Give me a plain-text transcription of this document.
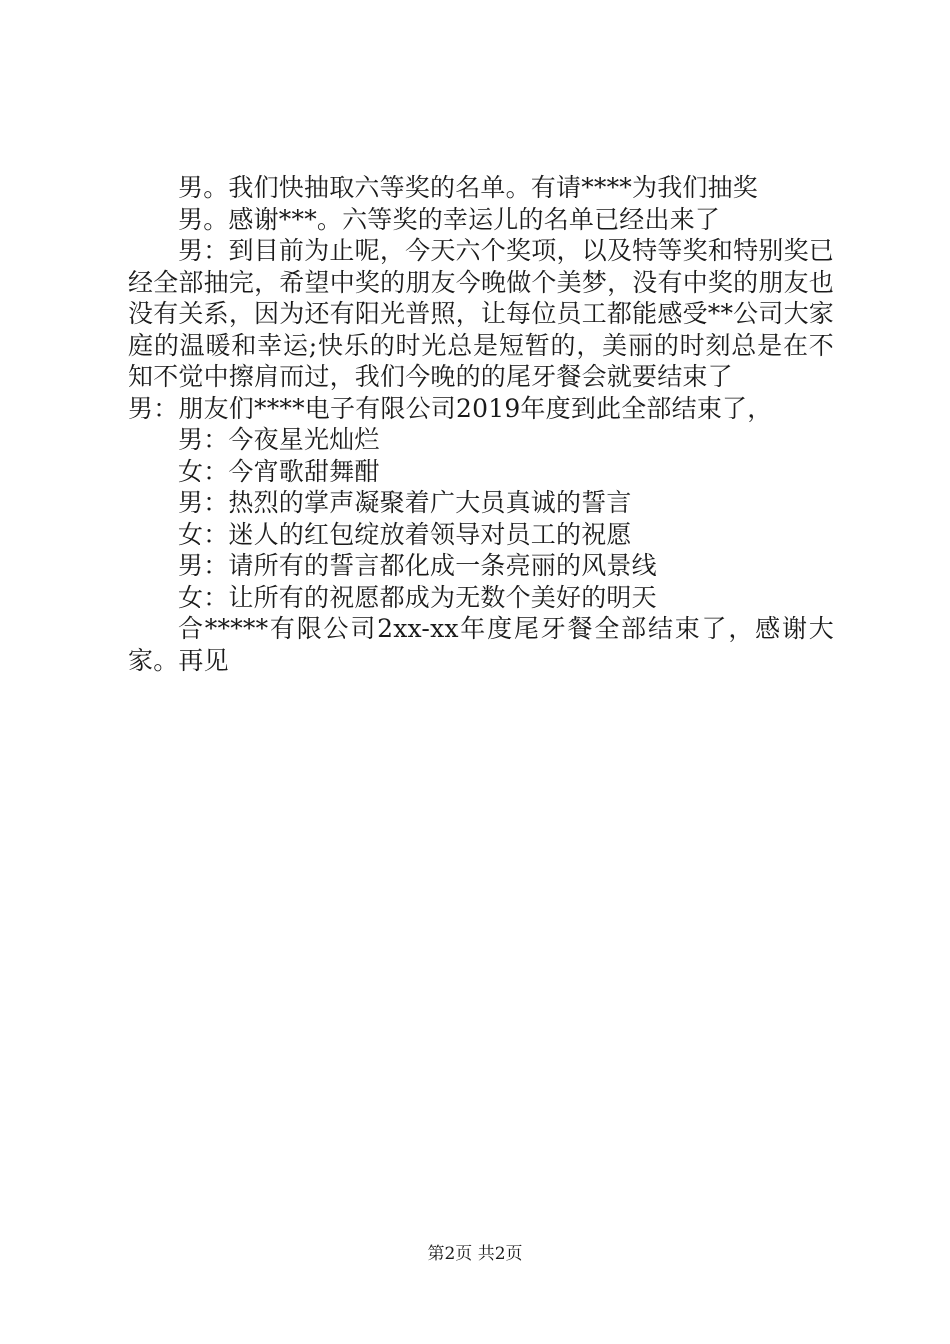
男。我们快抽取六等奖的名单。有请****为我们抽奖

男。感谢***。六等奖的幸运儿的名单已经出来了

男：到目前为止呢，今天六个奖项，以及特等奖和特别奖已经全部抽完，希望中奖的朋友今晚做个美梦，没有中奖的朋友也没有关系，因为还有阳光普照，让每位员工都能感受**公司大家庭的温暖和幸运;快乐的时光总是短暂的，美丽的时刻总是在不知不觉中擦肩而过，我们今晚的的尾牙餐会就要结束了

男：朋友们****电子有限公司2019年度到此全部结束了，

男：今夜星光灿烂

女：今宵歌甜舞酣

男：热烈的掌声凝聚着广大员真诚的誓言

女：迷人的红包绽放着领导对员工的祝愿

男：请所有的誓言都化成一条亮丽的风景线

女：让所有的祝愿都成为无数个美好的明天

合*****有限公司2xx-xx年度尾牙餐全部结束了，感谢大家。再见

第2页 共2页
